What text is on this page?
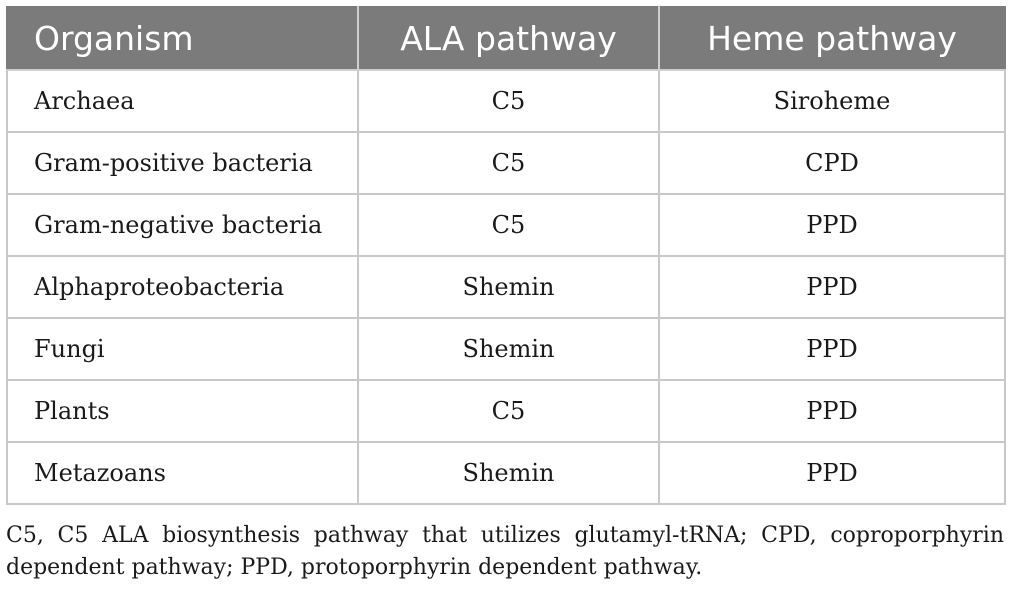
Organism	ALA pathway	Heme pathway
Archaea	C5	Siroheme
Gram-positive bacteria	C5	CPD
Gram-negative bacteria	C5	PPD
Alphaproteobacteria	Shemin	PPD
Fungi	Shemin	PPD
Plants	C5	PPD
Metazoans	Shemin	PPD

C5, C5 ALA biosynthesis pathway that utilizes glutamyl-tRNA; CPD, coproporphyrin dependent pathway; PPD, protoporphyrin dependent pathway.
